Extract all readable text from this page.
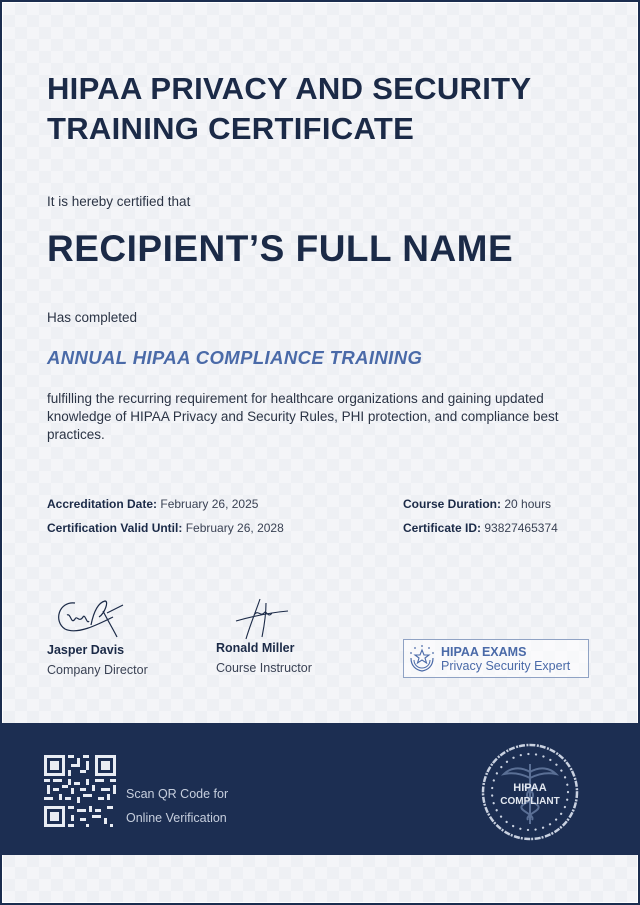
HIPAA PRIVACY AND SECURITY
TRAINING CERTIFICATE
It is hereby certified that
RECIPIENT’S FULL NAME
Has completed
ANNUAL HIPAA COMPLIANCE TRAINING
fulfilling the recurring requirement for healthcare organizations and gaining updated knowledge of HIPAA Privacy and Security Rules, PHI protection, and compliance best practices.
Accreditation Date: February 26, 2025
Certification Valid Until: February 26, 2028
Course Duration: 20 hours
Certificate ID: 93827465374
Jasper Davis
Company Director
Ronald Miller
Course Instructor
HIPAA EXAMS
Privacy Security Expert
Scan QR Code for
Online Verification
HIPAA
COMPLIANT
